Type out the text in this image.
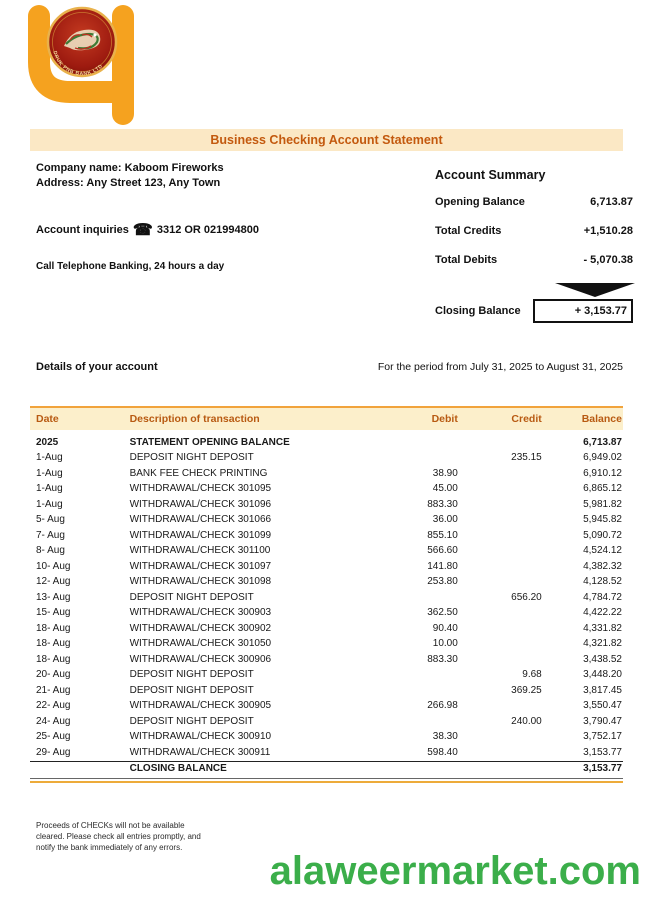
DRUK PNB BANK LTD
Business Checking Account Statement
Company name: Kaboom Fireworks
Address: Any Street 123, Any Town
Account inquiries ☎ 3312 OR 021994800
Call Telephone Banking, 24 hours a day
Account Summary
Opening Balance	6,713.87
Total Credits	+1,510.28
Total Debits	- 5,070.38
Closing Balance	+ 3,153.77
Details of your account	For the period from July 31, 2025 to August 31, 2025
Date	Description of transaction	Debit	Credit	Balance
2025	STATEMENT OPENING BALANCE			6,713.87
1-Aug	DEPOSIT NIGHT DEPOSIT		235.15	6,949.02
1-Aug	BANK FEE CHECK PRINTING	38.90		6,910.12
1-Aug	WITHDRAWAL/CHECK 301095	45.00		6,865.12
1-Aug	WITHDRAWAL/CHECK 301096	883.30		5,981.82
5- Aug	WITHDRAWAL/CHECK 301066	36.00		5,945.82
7- Aug	WITHDRAWAL/CHECK 301099	855.10		5,090.72
8- Aug	WITHDRAWAL/CHECK 301100	566.60		4,524.12
10- Aug	WITHDRAWAL/CHECK 301097	141.80		4,382.32
12- Aug	WITHDRAWAL/CHECK 301098	253.80		4,128.52
13- Aug	DEPOSIT NIGHT DEPOSIT		656.20	4,784.72
15- Aug	WITHDRAWAL/CHECK 300903	362.50		4,422.22
18- Aug	WITHDRAWAL/CHECK 300902	90.40		4,331.82
18- Aug	WITHDRAWAL/CHECK 301050	10.00		4,321.82
18- Aug	WITHDRAWAL/CHECK 300906	883.30		3,438.52
20- Aug	DEPOSIT NIGHT DEPOSIT		9.68	3,448.20
21- Aug	DEPOSIT NIGHT DEPOSIT		369.25	3,817.45
22- Aug	WITHDRAWAL/CHECK 300905	266.98		3,550.47
24- Aug	DEPOSIT NIGHT DEPOSIT		240.00	3,790.47
25- Aug	WITHDRAWAL/CHECK 300910	38.30		3,752.17
29- Aug	WITHDRAWAL/CHECK 300911	598.40		3,153.77
	CLOSING BALANCE			3,153.77
Proceeds of CHECKs will not be available
cleared. Please check all entries promptly, and
notify the bank immediately of any errors.
alaweermarket.com
